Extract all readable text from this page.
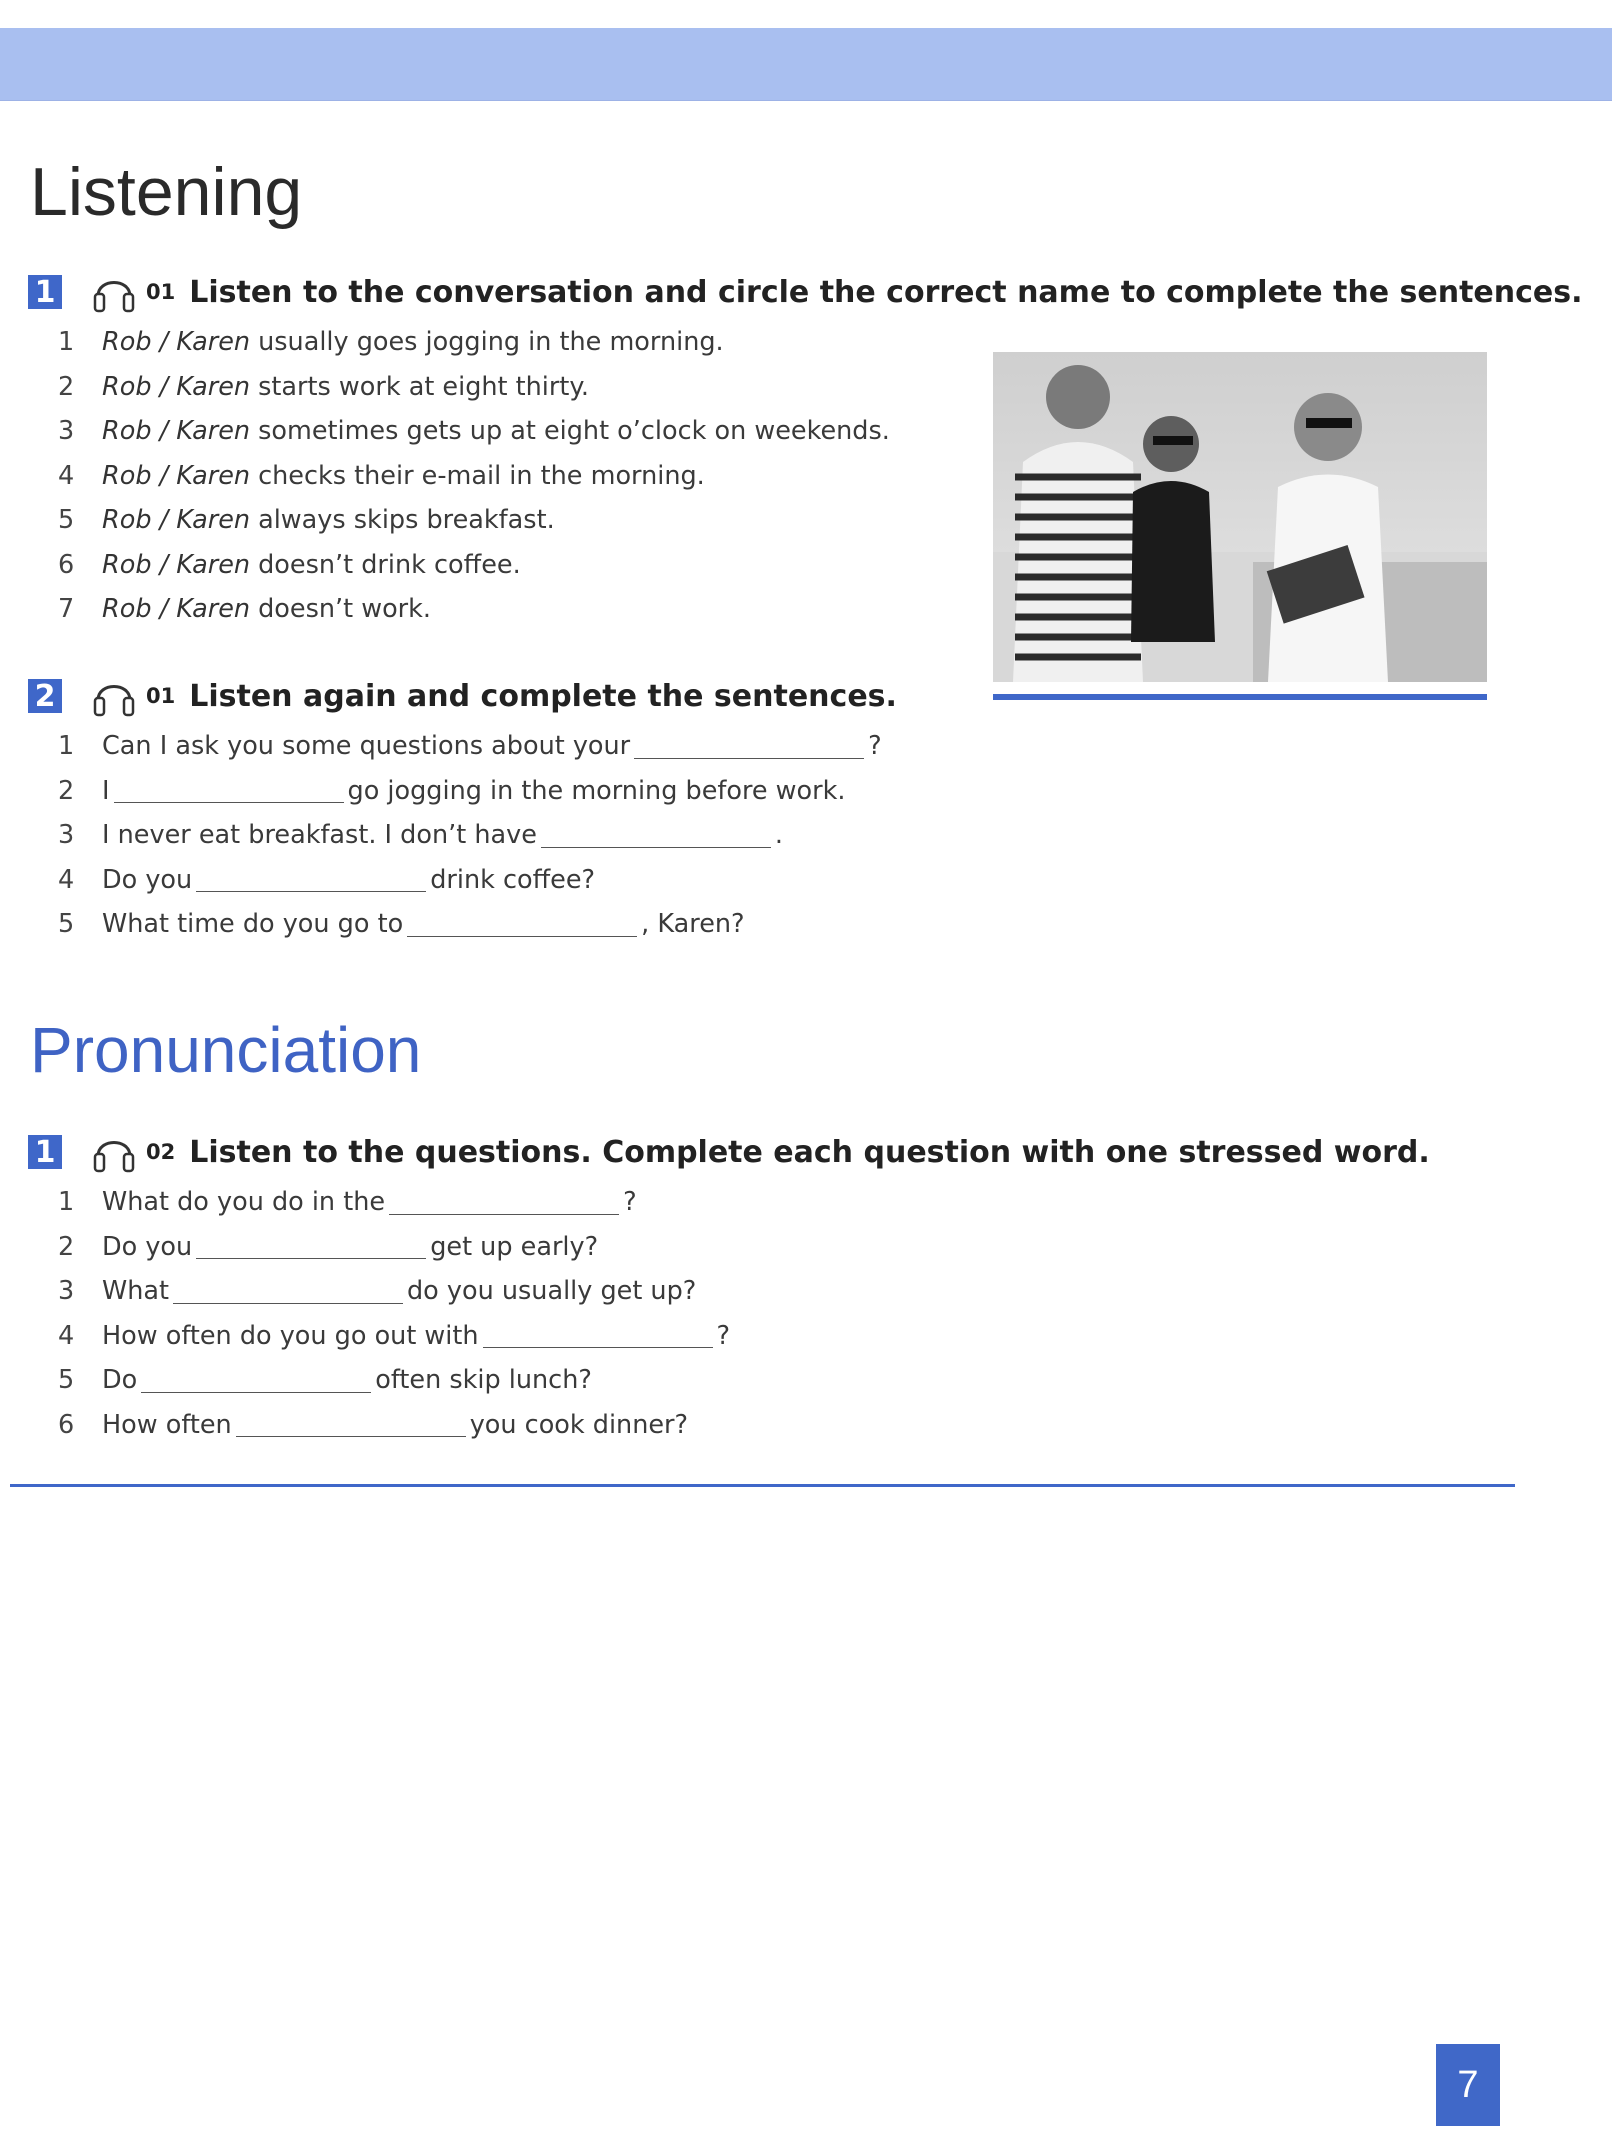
Listening
1	01 Listen to the conversation and circle the correct name to complete the sentences.
1	Rob / Karen usually goes jogging in the morning.
2	Rob / Karen starts work at eight thirty.
3	Rob / Karen sometimes gets up at eight o’clock on weekends.
4	Rob / Karen checks their e-mail in the morning.
5	Rob / Karen always skips breakfast.
6	Rob / Karen doesn’t drink coffee.
7	Rob / Karen doesn’t work.
2	01 Listen again and complete the sentences.
1	Can I ask you some questions about your	?
2	I	go jogging in the morning before work.
3	I never eat breakfast. I don’t have	.
4	Do you	drink coffee?
5	What time do you go to	, Karen?
Pronunciation
1	02 Listen to the questions. Complete each question with one stressed word.
1	What do you do in the	?
2	Do you	get up early?
3	What	do you usually get up?
4	How often do you go out with	?
5	Do	often skip lunch?
6	How often	you cook dinner?
7
